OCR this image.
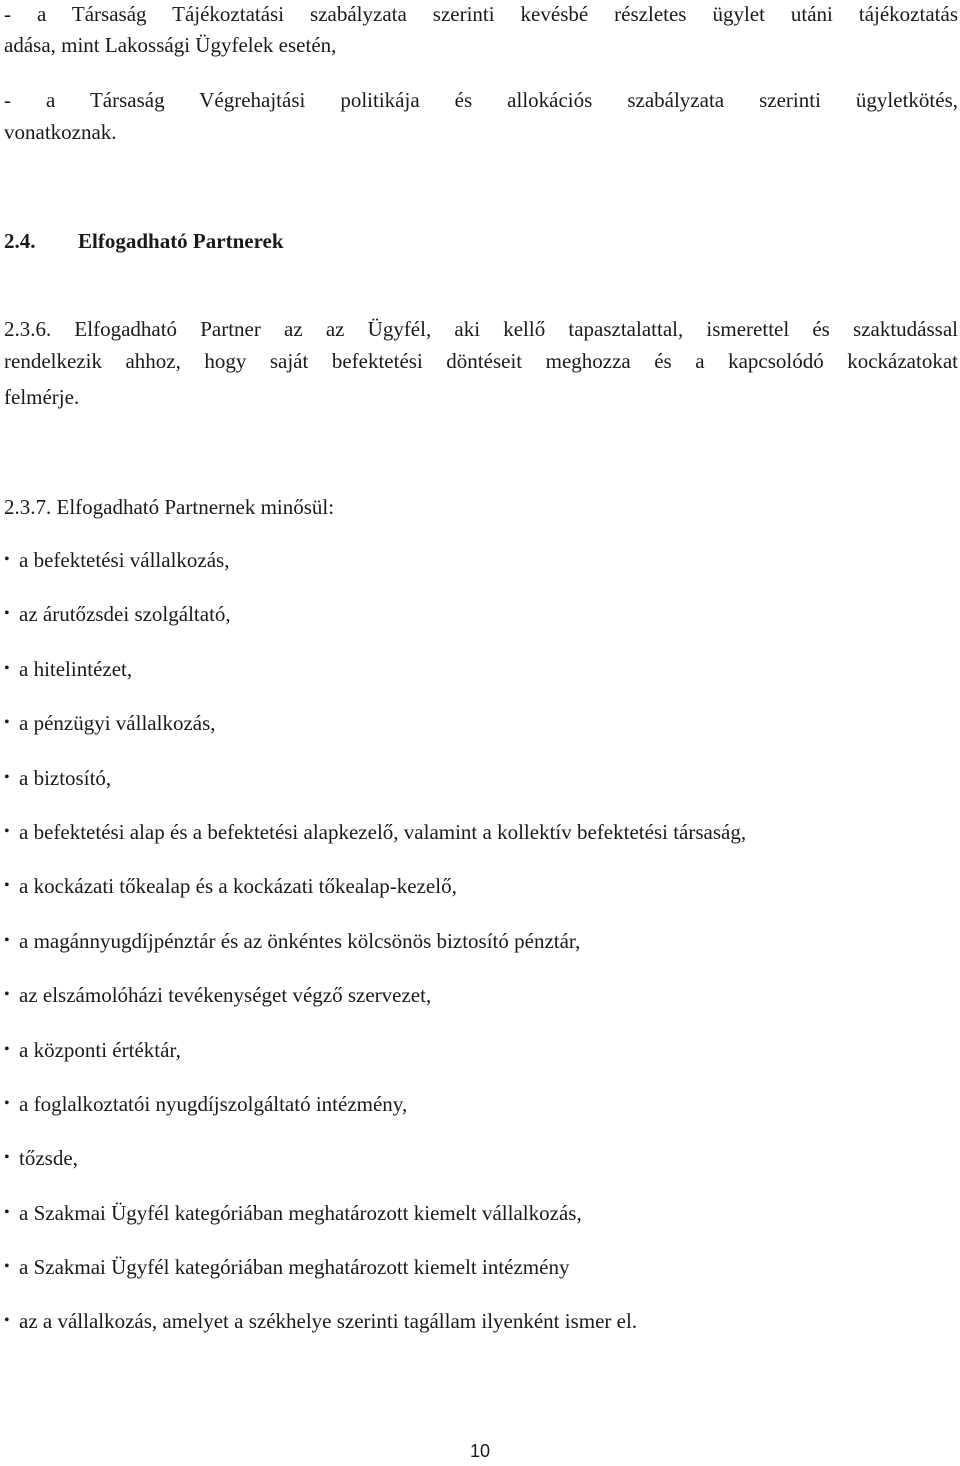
- a Társaság Tájékoztatási szabályzata szerinti kevésbé részletes ügylet utáni tájékoztatás
adása, mint Lakossági Ügyfelek esetén,
- a Társaság Végrehajtási politikája és allokációs szabályzata szerinti ügyletkötés,
vonatkoznak.
2.4. Elfogadható Partnerek
2.3.6. Elfogadható Partner az az Ügyfél, aki kellő tapasztalattal, ismerettel és szaktudással
rendelkezik ahhoz, hogy saját befektetési döntéseit meghozza és a kapcsolódó kockázatokat
felmérje.
2.3.7. Elfogadható Partnernek minősül:
• a befektetési vállalkozás,
• az árutőzsdei szolgáltató,
• a hitelintézet,
• a pénzügyi vállalkozás,
• a biztosító,
• a befektetési alap és a befektetési alapkezelő, valamint a kollektív befektetési társaság,
• a kockázati tőkealap és a kockázati tőkealap-kezelő,
• a magánnyugdíjpénztár és az önkéntes kölcsönös biztosító pénztár,
• az elszámolóházi tevékenységet végző szervezet,
• a központi értéktár,
• a foglalkoztatói nyugdíjszolgáltató intézmény,
• tőzsde,
• a Szakmai Ügyfél kategóriában meghatározott kiemelt vállalkozás,
• a Szakmai Ügyfél kategóriában meghatározott kiemelt intézmény
• az a vállalkozás, amelyet a székhelye szerinti tagállam ilyenként ismer el.
10
